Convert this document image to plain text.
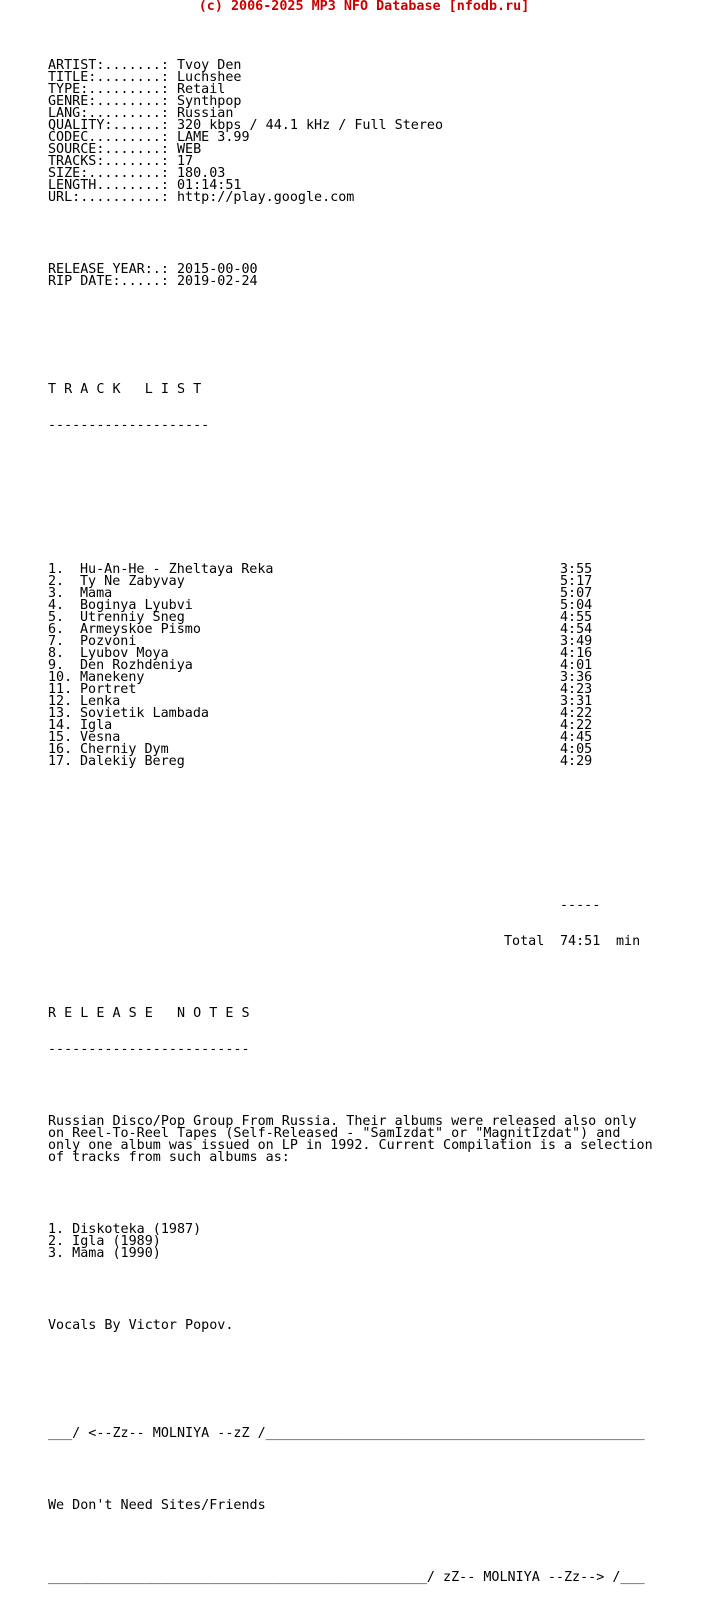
(c) 2006-2025 MP3 NFO Database [nfodb.ru]

ARTIST:.......: Tvoy Den
TITLE:........: Luchshee
TYPE:.........: Retail
GENRE:........: Synthpop
LANG:.........: Russian
QUALITY:......: 320 kbps / 44.1 kHz / Full Stereo
CODEC.........: LAME 3.99
SOURCE:.......: WEB
TRACKS:.......: 17
SIZE:.........: 180.03
LENGTH........: 01:14:51
URL:..........: http://play.google.com

RELEASE YEAR:.: 2015-00-00
RIP DATE:.....: 2019-02-24

T R A C K   L I S T

--------------------

1.	Hu-An-He - Zheltaya Reka	3:55
2.	Ty Ne Zabyvay	5:17
3.	Mama	5:07
4.	Boginya Lyubvi	5:04
5.	Utrenniy Sneg	4:55
6.	Armeyskoe Pismo	4:54
7.	Pozvoni	3:49
8.	Lyubov Moya	4:16
9.	Den Rozhdeniya	4:01
10. Manekeny	3:36
11. Portret	4:23
12. Lenka	3:31
13. Sovietik Lambada	4:22
14. Igla	4:22
15. Vesna	4:45
16. Cherniy Dym	4:05
17. Dalekiy Bereg	4:29

-----

Total	74:51	min

R E L E A S E   N O T E S

-------------------------

Russian Disco/Pop Group From Russia. Their albums were released also only
on Reel-To-Reel Tapes (Self-Released - "SamIzdat" or "MagnitIzdat") and
only one album was issued on LP in 1992. Current Compilation is a selection
of tracks from such albums as:

1. Diskoteka (1987)
2. Igla (1989)
3. Mama (1990)

Vocals By Victor Popov.

___/ <--Zz-- MOLNIYA --zZ /_______________________________________________

We Don't Need Sites/Friends

_______________________________________________/ zZ-- MOLNIYA --Zz--> /___
